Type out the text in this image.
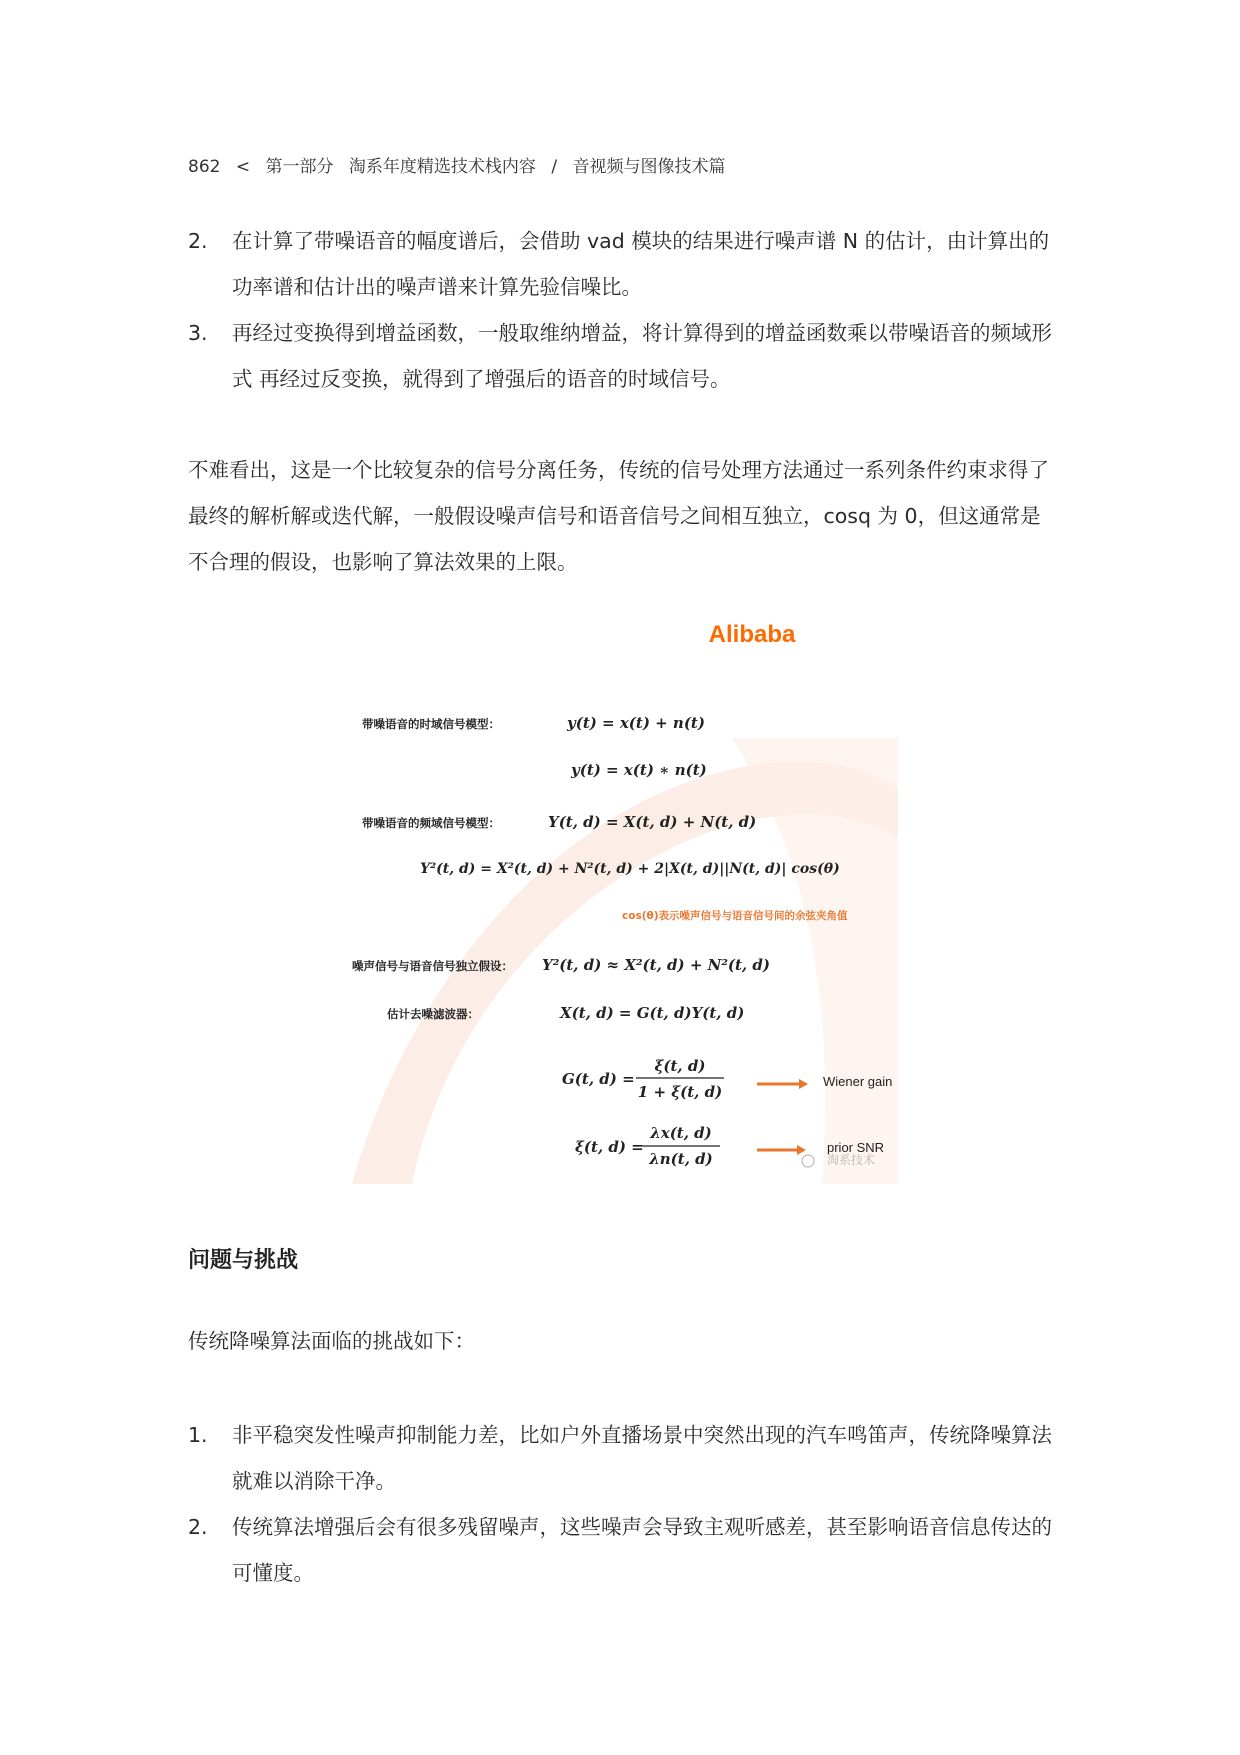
862 < 第一部分 淘系年度精选技术栈内容 / 音视频与图像技术篇
2. 在计算了带噪语音的幅度谱后，会借助 vad 模块的结果进行噪声谱 N 的估计，由计算出的功率谱和估计出的噪声谱来计算先验信噪比。
3. 再经过变换得到增益函数，一般取维纳增益，将计算得到的增益函数乘以带噪语音的频域形式 再经过反变换，就得到了增强后的语音的时域信号。
不难看出，这是一个比较复杂的信号分离任务，传统的信号处理方法通过一系列条件约束求得了最终的解析解或迭代解，一般假设噪声信号和语音信号之间相互独立，cosq 为 0，但这通常是不合理的假设，也影响了算法效果的上限。
Alibaba
带噪语音的时域信号模型：	y(t) = x(t) + n(t)
y(t) = x(t) ∗ n(t)
带噪语音的频域信号模型：	Y(t, d) = X(t, d) + N(t, d)
Y²(t, d) = X²(t, d) + N²(t, d) + 2|X(t, d)||N(t, d)| cos(θ)
cos(θ)表示噪声信号与语音信号间的余弦夹角值
噪声信号与语音信号独立假设： Y²(t, d) ≈ X²(t, d) + N²(t, d)
估计去噪滤波器：	X(t, d) = G(t, d)Y(t, d)
G(t, d) =
ξ(t, d)
1 + ξ(t, d)
Wiener gain
ξ(t, d) =
λx(t, d)
λn(t, d)
prior SNR
淘系技术
问题与挑战
传统降噪算法面临的挑战如下：
1. 非平稳突发性噪声抑制能力差，比如户外直播场景中突然出现的汽车鸣笛声，传统降噪算法就难以消除干净。
2. 传统算法增强后会有很多残留噪声，这些噪声会导致主观听感差，甚至影响语音信息传达的可懂度。
